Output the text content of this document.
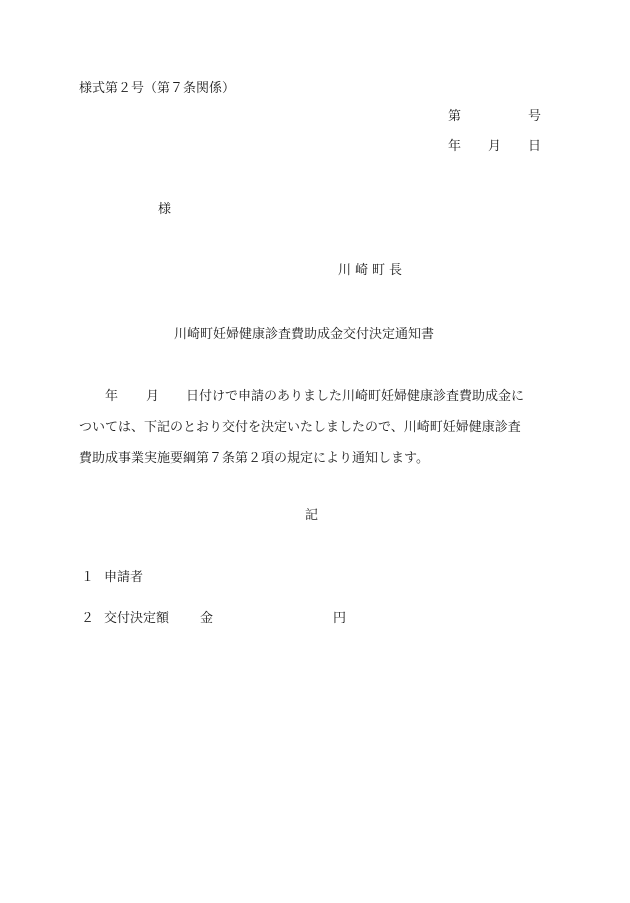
様式第２号（第７条関係）
第	号
年 月 日
様
川崎町長
川崎町妊婦健康診査費助成金交付決定通知書
年 月 日付けで申請のありました川崎町妊婦健康診査費助成金に
ついては、下記のとおり交付を決定いたしましたので、川崎町妊婦健康診査
費助成事業実施要綱第７条第２項の規定により通知します。
記
１ 申請者
２ 交付決定額 金	円
